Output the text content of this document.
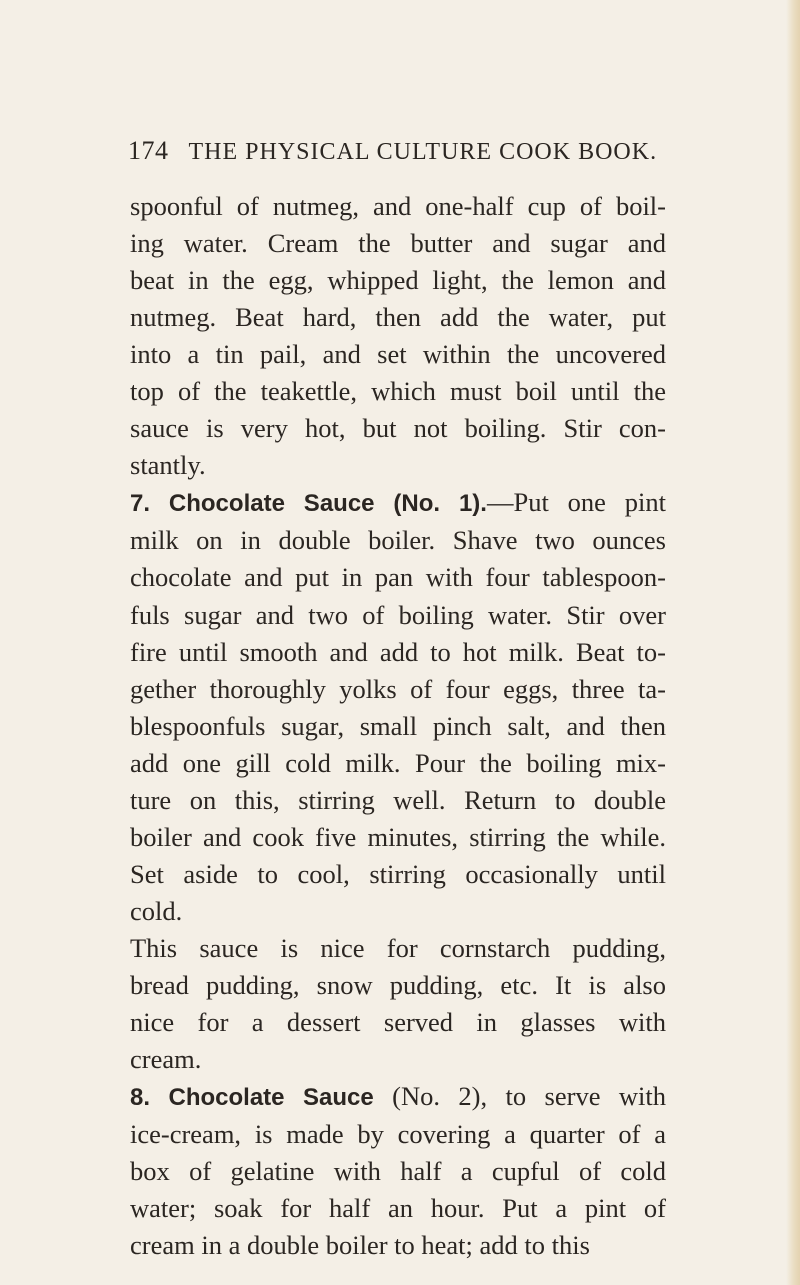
174 THE PHYSICAL CULTURE COOK BOOK.

spoonful of nutmeg, and one-half cup of boil-
ing water. Cream the butter and sugar and
beat in the egg, whipped light, the lemon and
nutmeg. Beat hard, then add the water, put
into a tin pail, and set within the uncovered
top of the teakettle, which must boil until the
sauce is very hot, but not boiling. Stir con-
stantly.

7. Chocolate Sauce (No. 1).—Put one pint
milk on in double boiler. Shave two ounces
chocolate and put in pan with four tablespoon-
fuls sugar and two of boiling water. Stir over
fire until smooth and add to hot milk. Beat to-
gether thoroughly yolks of four eggs, three ta-
blespoonfuls sugar, small pinch salt, and then
add one gill cold milk. Pour the boiling mix-
ture on this, stirring well. Return to double
boiler and cook five minutes, stirring the while.
Set aside to cool, stirring occasionally until
cold.

This sauce is nice for cornstarch pudding,
bread pudding, snow pudding, etc. It is also
nice for a dessert served in glasses with
cream.

8. Chocolate Sauce (No. 2), to serve with
ice-cream, is made by covering a quarter of a
box of gelatine with half a cupful of cold
water; soak for half an hour. Put a pint of
cream in a double boiler to heat; add to this
